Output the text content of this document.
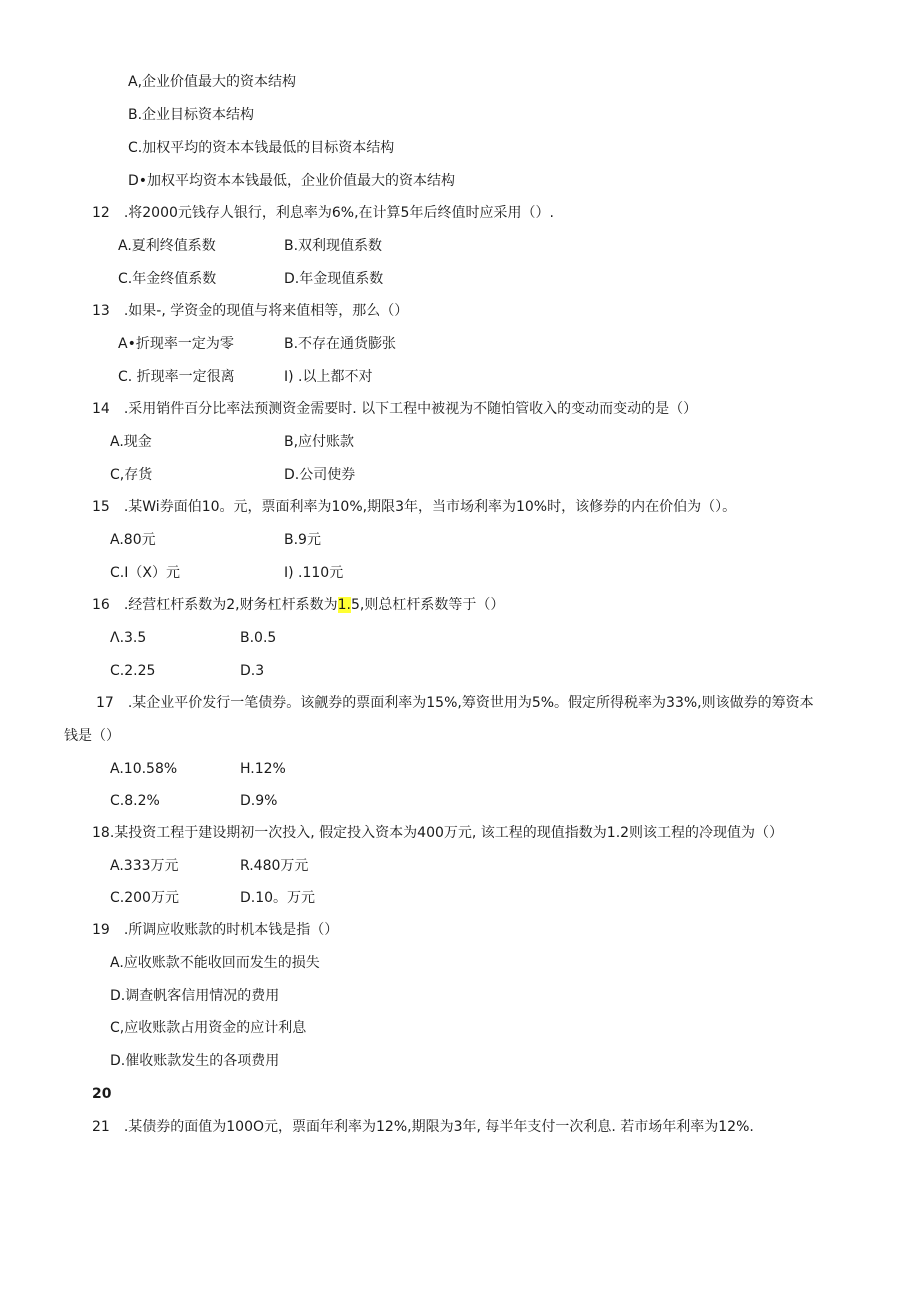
A,企业价值最大的资本结构
B.企业目标资本结构
C.加权平均的资本本钱最低的目标资本结构
D•加权平均资本本钱最低，企业价值最大的资本结构
12　.将2000元钱存人银行，利息率为6%,在计算5年后终值时应采用（）.
A.夏利终值系数	B.双利现值系数
C.年金终值系数	D.年金现值系数
13　.如果-, 学资金的现值与将来值相等，那么（）
A•折现率一定为零	B.不存在通货膨张
C. 折现率一定很离	I) .以上都不对
14　.采用销件百分比率法预测资金需要时. 以下工程中被视为不随怕管收入的变动而变动的是（）
A.现金	B,应付账款
C,存货	D.公司使券
15　.某Wi券面伯10。元，票面利率为10%,期限3年，当市场利率为10%时，该修券的内在价伯为（）。
A.80元	B.9元
C.I（X）元	I) .110元
16　.经营杠杆系数为2,财务杠杆系数为1.5,则总杠杆系数等于（）
Λ.3.5	B.0.5
C.2.25	D.3
17　.某企业平价发行一笔债券。该觎券的票面利率为15%,筹资世用为5%。假定所得税率为33%,则该做券的筹资本
钱是（）
A.10.58%	H.12%
C.8.2%	D.9%
18.某投资工程于建设期初一次投入, 假定投入资本为400万元, 该工程的现值指数为1.2则该工程的冷现值为（）
A.333万元	R.480万元
C.200万元	D.10。万元
19　.所调应收账款的时机本钱是指（）
A.应收账款不能收回而发生的损失
D.调查帆客信用情况的费用
C,应收账款占用资金的应计利息
D.催收账款发生的各项费用
20
21　.某债券的面值为100O元，票面年利率为12%,期限为3年, 每半年支付一次利息. 若市场年利率为12%.
